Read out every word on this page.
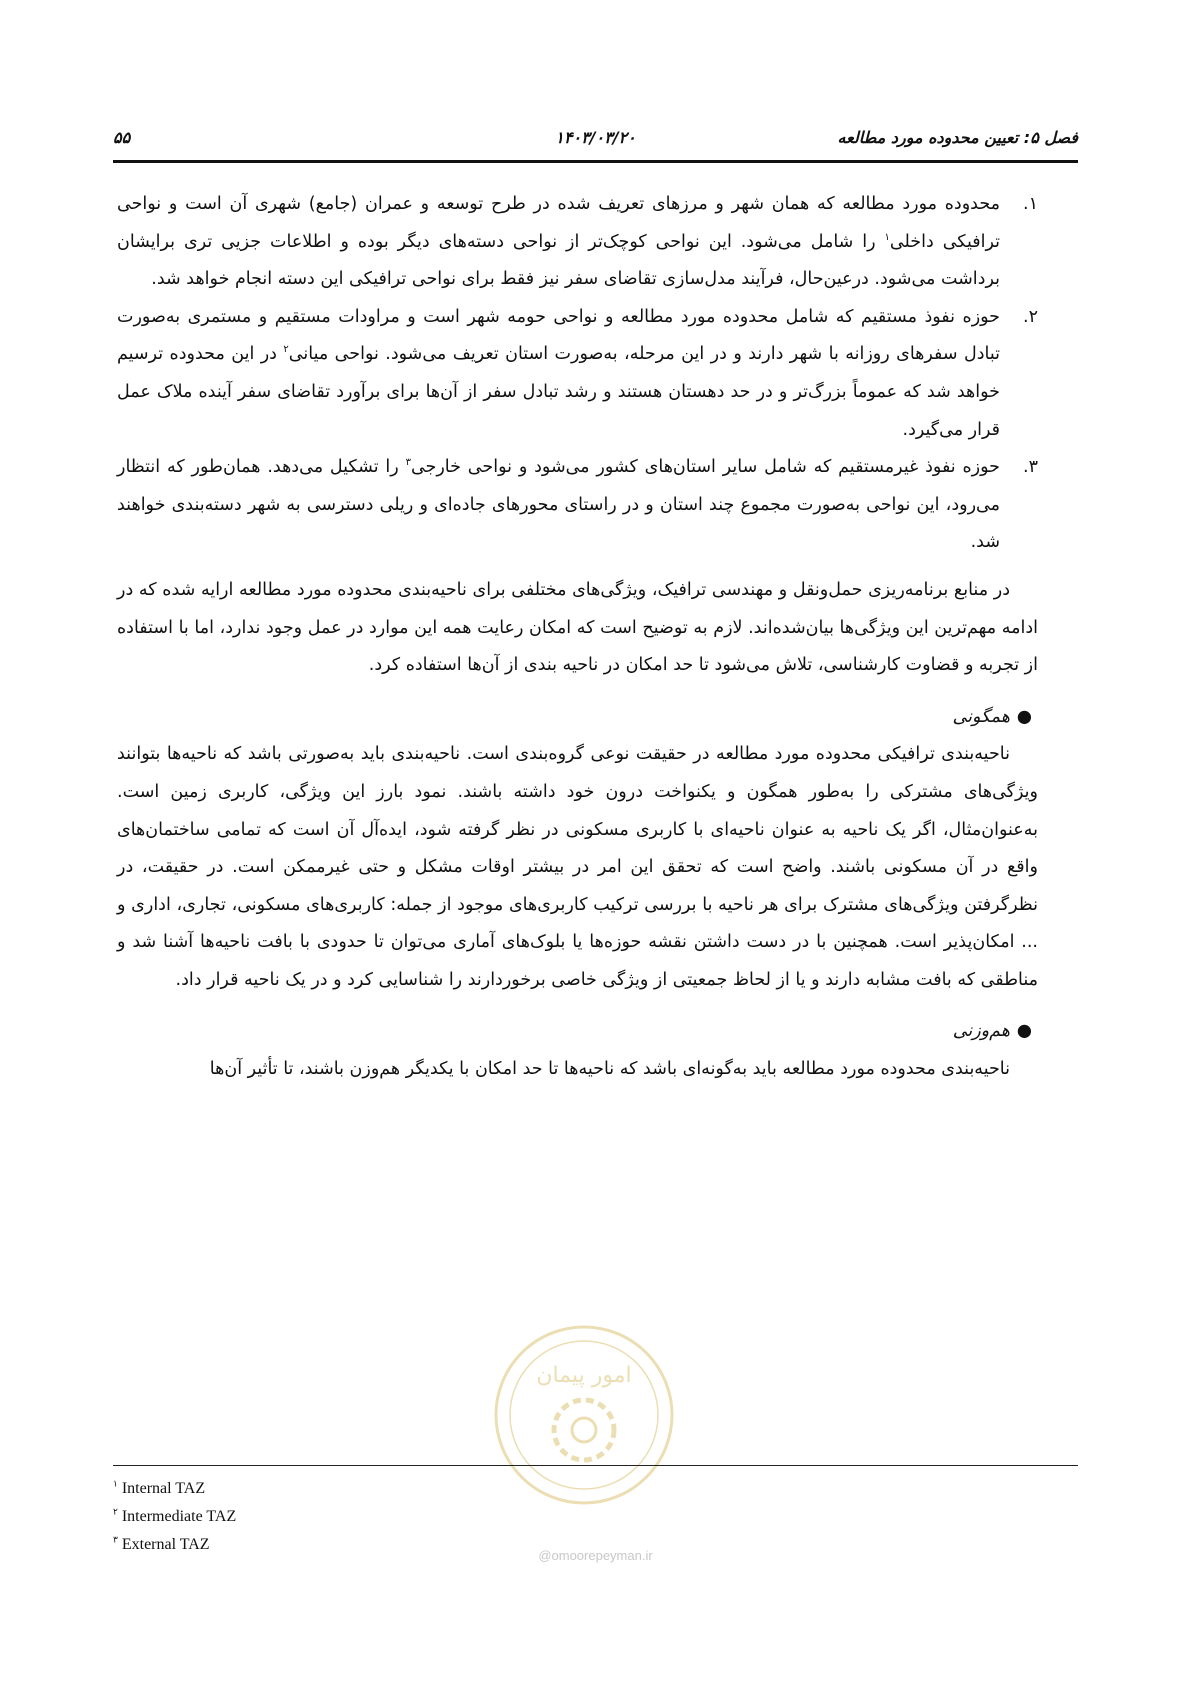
فصل ۵: تعیین محدوده مورد مطالعه
۱۴۰۳/۰۳/۲۰
۵۵
۱.
محدوده مورد مطالعه که همان شهر و مرزهای تعریف شده در طرح توسعه و عمران (جامع) شهری آن است و نواحی ترافیکی داخلی$^۱$ را شامل می‌شود. این نواحی کوچک‌تر از نواحی دسته‌های دیگر بوده و اطلاعات جزیی تری برایشان برداشت می‌شود. درعین‌حال، فرآیند مدل‌سازی تقاضای سفر نیز فقط برای نواحی ترافیکی این دسته انجام خواهد شد.
۲.
حوزه نفوذ مستقیم که شامل محدوده مورد مطالعه و نواحی حومه شهر است و مراودات مستقیم و مستمری به‌صورت تبادل سفرهای روزانه با شهر دارند و در این مرحله، به‌صورت استان تعریف می‌شود. نواحی میانی$^۲$ در این محدوده ترسیم خواهد شد که عموماً بزرگ‌تر و در حد دهستان هستند و رشد تبادل سفر از آن‌ها برای برآورد تقاضای سفر آینده ملاک عمل قرار می‌گیرد.
۳.
حوزه نفوذ غیرمستقیم که شامل سایر استان‌های کشور می‌شود و نواحی خارجی$^۳$ را تشکیل می‌دهد. همان‌طور که انتظار می‌رود، این نواحی به‌صورت مجموع چند استان و در راستای محورهای جاده‌ای و ریلی دسترسی به شهر دسته‌بندی خواهند شد.

در منابع برنامه‌ریزی حمل‌ونقل و مهندسی ترافیک، ویژگی‌های مختلفی برای ناحیه‌بندی محدوده مورد مطالعه ارایه شده که در ادامه مهم‌ترین این ویژگی‌ها بیان‌شده‌اند. لازم به توضیح است که امکان رعایت همه این موارد در عمل وجود ندارد، اما با استفاده از تجربه و قضاوت کارشناسی، تلاش می‌شود تا حد امکان در ناحیه بندی از آن‌ها استفاده کرد.

●
همگونی

ناحیه‌بندی ترافیکی محدوده مورد مطالعه در حقیقت نوعی گروه‌بندی است. ناحیه‌بندی باید به‌صورتی باشد که ناحیه‌ها بتوانند ویژگی‌های مشترکی را به‌طور همگون و یکنواخت درون خود داشته باشند. نمود بارز این ویژگی، کاربری زمین است. به‌عنوان‌مثال، اگر یک ناحیه به عنوان ناحیه‌ای با کاربری مسکونی در نظر گرفته شود، ایده‌آل آن است که تمامی ساختمان‌های واقع در آن مسکونی باشند. واضح است که تحقق این امر در بیشتر اوقات مشکل و حتی غیرممکن است. در حقیقت، در نظرگرفتن ویژگی‌های مشترک برای هر ناحیه با بررسی ترکیب کاربری‌های موجود از جمله: کاربری‌های مسکونی، تجاری، اداری و ... امکان‌پذیر است. همچنین با در دست داشتن نقشه حوزه‌ها یا بلوک‌های آماری می‌توان تا حدودی با بافت ناحیه‌ها آشنا شد و مناطقی که بافت مشابه دارند و یا از لحاظ جمعیتی از ویژگی خاصی برخوردارند را شناسایی کرد و در یک ناحیه قرار داد.

●
هم‌وزنی

ناحیه‌بندی محدوده مورد مطالعه باید به‌گونه‌ای باشد که ناحیه‌ها تا حد امکان با یکدیگر هم‌وزن باشند، تا تأثیر آن‌ها

امور پیمان
@omoorepeyman.ir
$^۱$ Internal TAZ
$^۲$ Intermediate TAZ
$^۳$ External TAZ
